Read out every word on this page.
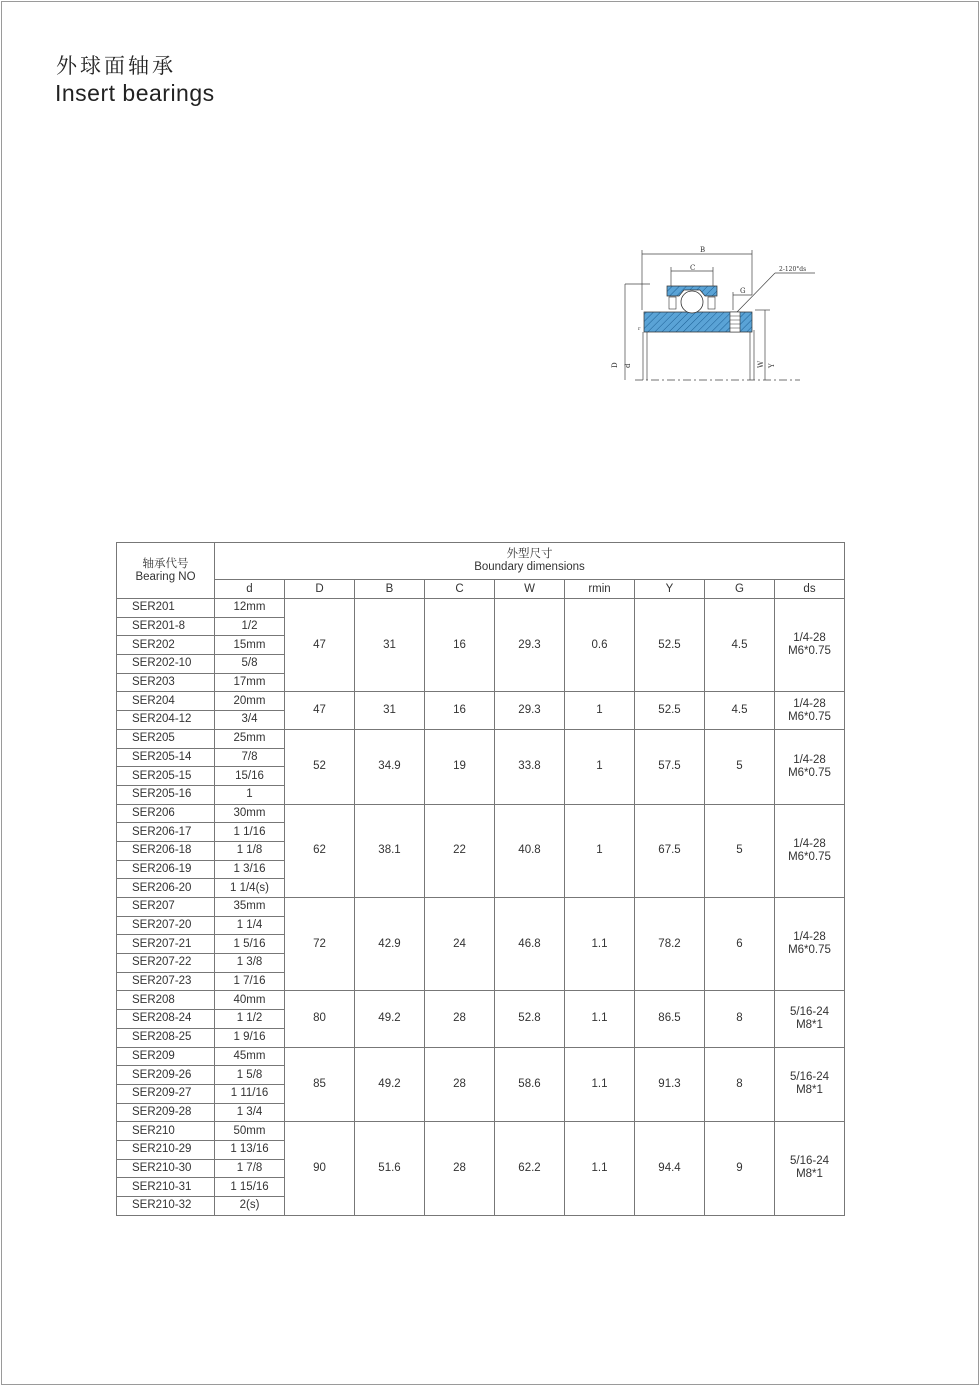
外球面轴承
Insert bearings
B
C
G
2-120°ds
r
D d	W Y
轴承代号
Bearing NO	外型尺寸
Boundary dimensions								

	d	D	B	C	W	rmin	Y	G	ds
SER201	12mm	47	31	16	29.3	0.6	52.5	4.5	1/4-28
M6*0.75

SER201-8	1/2								
SER202	15mm								
SER202-10	5/8								
SER203	17mm								
SER204	20mm	47	31	16	29.3	1	52.5	4.5	1/4-28
M6*0.75

SER204-12	3/4								
SER205	25mm	52	34.9	19	33.8	1	57.5	5	1/4-28
M6*0.75

SER205-14	7/8								
SER205-15	15/16								
SER205-16	1								
SER206	30mm	62	38.1	22	40.8	1	67.5	5	1/4-28
M6*0.75

SER206-17	1 1/16								
SER206-18	1 1/8								
SER206-19	1 3/16								
SER206-20	1 1/4(s)								
SER207	35mm	72	42.9	24	46.8	1.1	78.2	6	1/4-28
M6*0.75

SER207-20	1 1/4								
SER207-21	1 5/16								
SER207-22	1 3/8								
SER207-23	1 7/16								
SER208	40mm	80	49.2	28	52.8	1.1	86.5	8	5/16-24
M8*1

SER208-24	1 1/2								
SER208-25	1 9/16								
SER209	45mm	85	49.2	28	58.6	1.1	91.3	8	5/16-24
M8*1

SER209-26	1 5/8								
SER209-27	1 11/16								
SER209-28	1 3/4								
SER210	50mm	90	51.6	28	62.2	1.1	94.4	9	5/16-24
M8*1

SER210-29	1 13/16								
SER210-30	1 7/8								
SER210-31	1 15/16								
SER210-32	2(s)								
